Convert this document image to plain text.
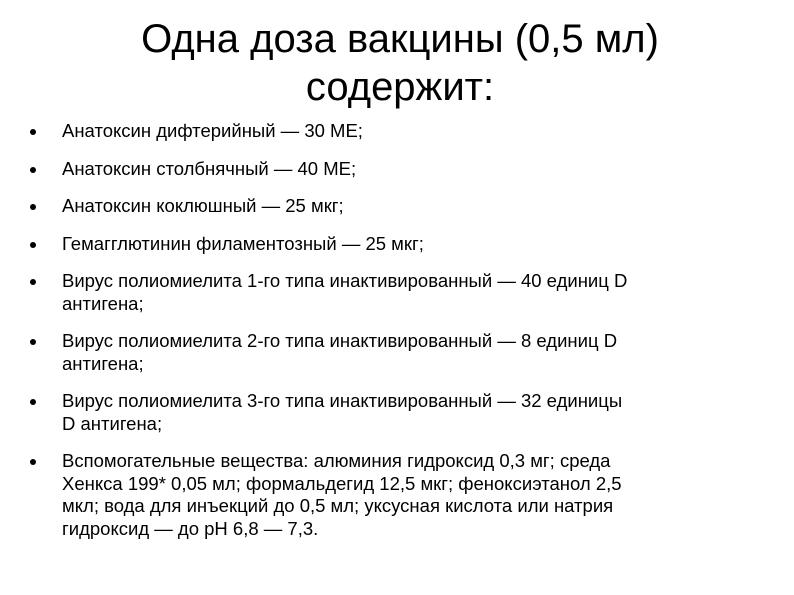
Одна доза вакцины (0,5 мл)
содержит:
Анатоксин дифтерийный — 30 МЕ;
Анатоксин столбнячный — 40 МЕ;
Анатоксин коклюшный — 25 мкг;
Гемагглютинин филаментозный — 25 мкг;
Вирус полиомиелита 1-го типа инактивированный — 40 единиц D
антигена;
Вирус полиомиелита 2-го типа инактивированный — 8 единиц D
антигена;
Вирус полиомиелита 3-го типа инактивированный — 32 единицы
D антигена;
Вспомогательные вещества: алюминия гидроксид 0,3 мг; среда
Хенкса 199* 0,05 мл; формальдегид 12,5 мкг; феноксиэтанол 2,5
мкл; вода для инъекций до 0,5 мл; уксусная кислота или натрия
гидроксид — до pH 6,8 — 7,3.
